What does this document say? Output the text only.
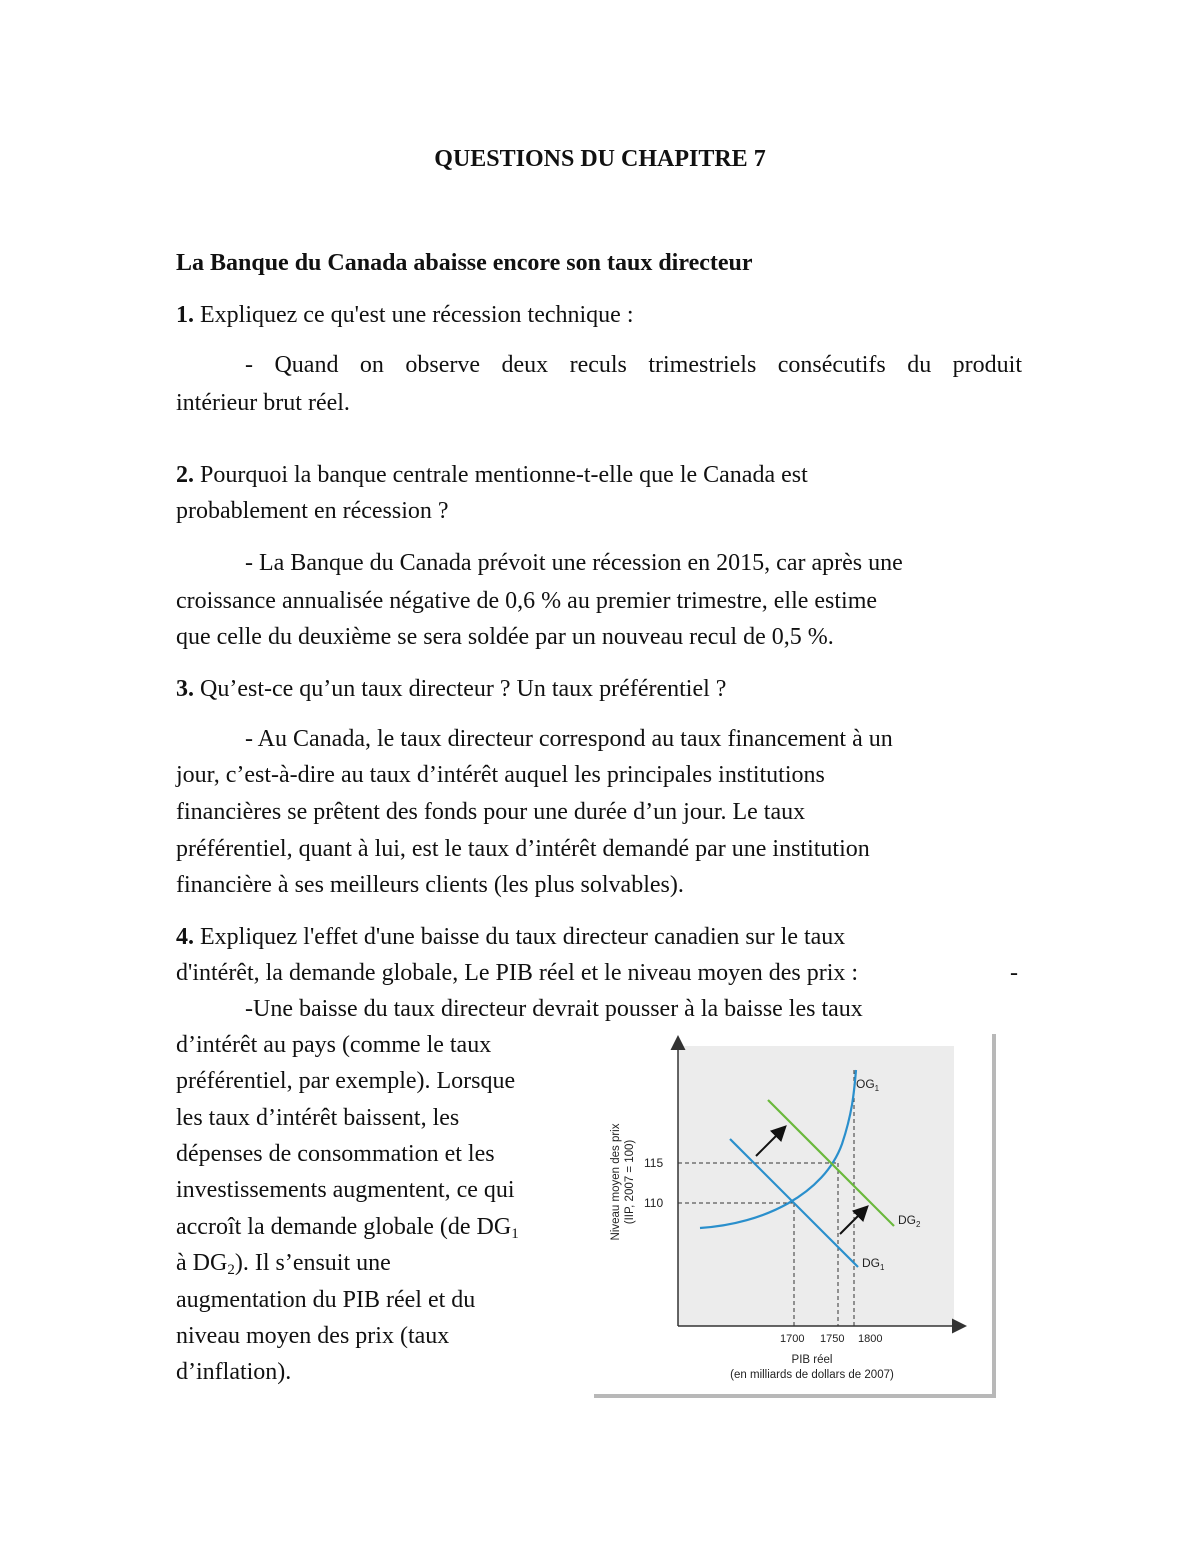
QUESTIONS DU CHAPITRE 7
La Banque du Canada abaisse encore son taux directeur
1. Expliquez ce qu'est une récession technique :
- Quand on observe deux reculs trimestriels consécutifs du produit
intérieur brut réel.
2. Pourquoi la banque centrale mentionne-t-elle que le Canada est
probablement en récession ?
- La Banque du Canada prévoit une récession en 2015, car après une
croissance annualisée négative de 0,6 % au premier trimestre, elle estime
que celle du deuxième se sera soldée par un nouveau recul de 0,5 %.
3. Qu’est-ce qu’un taux directeur ? Un taux préférentiel ?
- Au Canada, le taux directeur correspond au taux financement à un
jour, c’est-à-dire au taux d’intérêt auquel les principales institutions
financières se prêtent des fonds pour une durée d’un jour. Le taux
préférentiel, quant à lui, est le taux d’intérêt demandé par une institution
financière à ses meilleurs clients (les plus solvables).
4. Expliquez l'effet d'une baisse du taux directeur canadien sur le taux
d'intérêt, la demande globale, Le PIB réel et le niveau moyen des prix :	-
-Une baisse du taux directeur devrait pousser à la baisse les taux
d’intérêt au pays (comme le taux
préférentiel, par exemple). Lorsque
les taux d’intérêt baissent, les
dépenses de consommation et les
investissements augmentent, ce qui
accroît la demande globale (de $DG_1$
à $DG_2$). Il s’ensuit une
augmentation du PIB réel et du
niveau moyen des prix (taux
d’inflation).
115
110
1700 1750 1800
$OG_1$
$DG_2$
$DG_1$
Niveau moyen des prix (IIP, 2007 = 100)
PIB réel
(en milliards de dollars de 2007)
